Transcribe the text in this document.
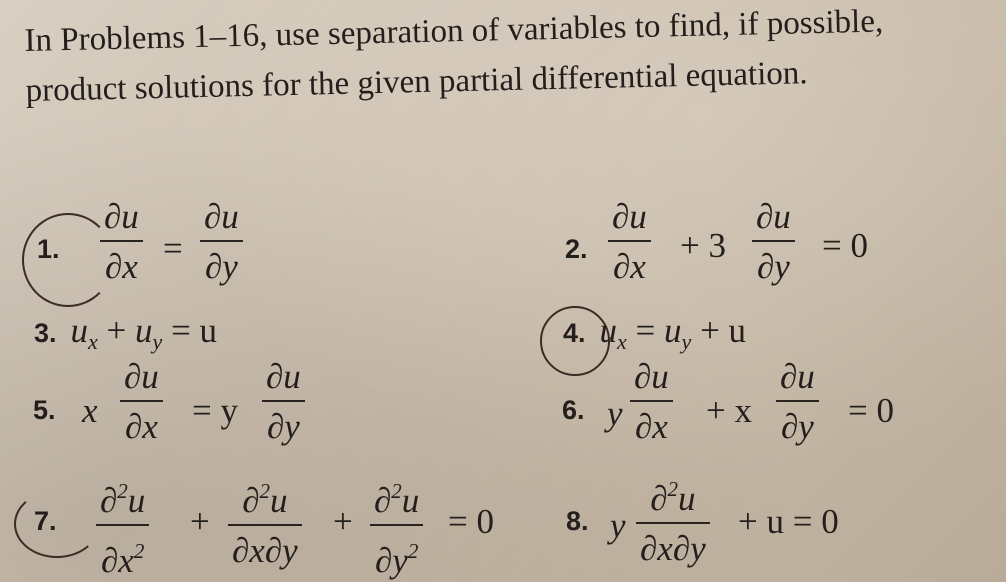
In Problems 1–16, use separation of variables to find, if possible, product solutions for the given partial differential equation.

1.
∂u
∂x =
∂u
∂y	2.
∂u
∂x
+ 3
∂u
∂y
= 0
3. $u_x + u_y = u$	4. $u_x = u_y + u$
5. x
∂u
∂x = y
∂u
∂y	6. y
∂u
∂x + x
∂u
∂y = 0
7.
∂$^2$u
$\partial x^2$
+
∂$^2$u
∂x∂y
+
∂$^2$u
$\partial y^2$
= 0	8. y
∂$^2$u
∂x∂y
+ u = 0
